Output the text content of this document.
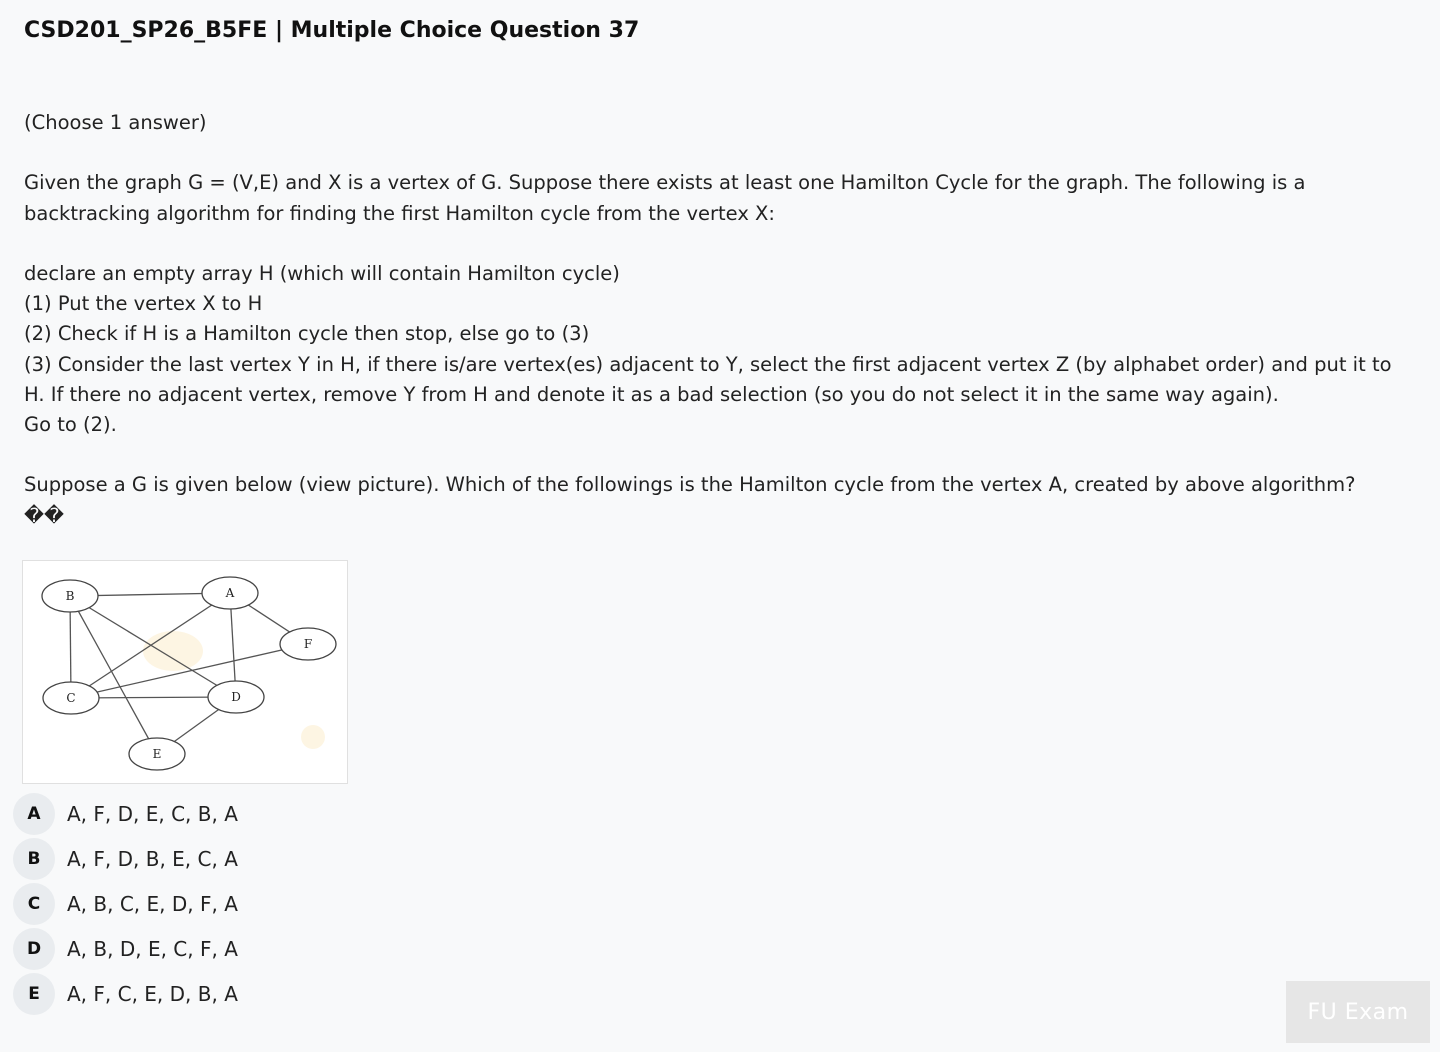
CSD201_SP26_B5FE | Multiple Choice Question 37

(Choose 1 answer)

Given the graph G = (V,E) and X is a vertex of G. Suppose there exists at least one Hamilton Cycle for the graph. The following is a backtracking algorithm for finding the first Hamilton cycle from the vertex X:

declare an empty array H (which will contain Hamilton cycle)

(1) Put the vertex X to H

(2) Check if H is a Hamilton cycle then stop, else go to (3)

(3) Consider the last vertex Y in H, if there is/are vertex(es) adjacent to Y, select the first adjacent vertex Z (by alphabet order) and put it to H. If there no adjacent vertex, remove Y from H and denote it as a bad selection (so you do not select it in the same way again).

Go to (2).

Suppose a G is given below (view picture). Which of the followings is the Hamilton cycle from the vertex A, created by above algorithm?

��

B	A
F
C	D
E
A	A, F, D, E, C, B, A
B	A, F, D, B, E, C, A
C	A, B, C, E, D, F, A
D	A, B, D, E, C, F, A
E	A, F, C, E, D, B, A
FU Exam
